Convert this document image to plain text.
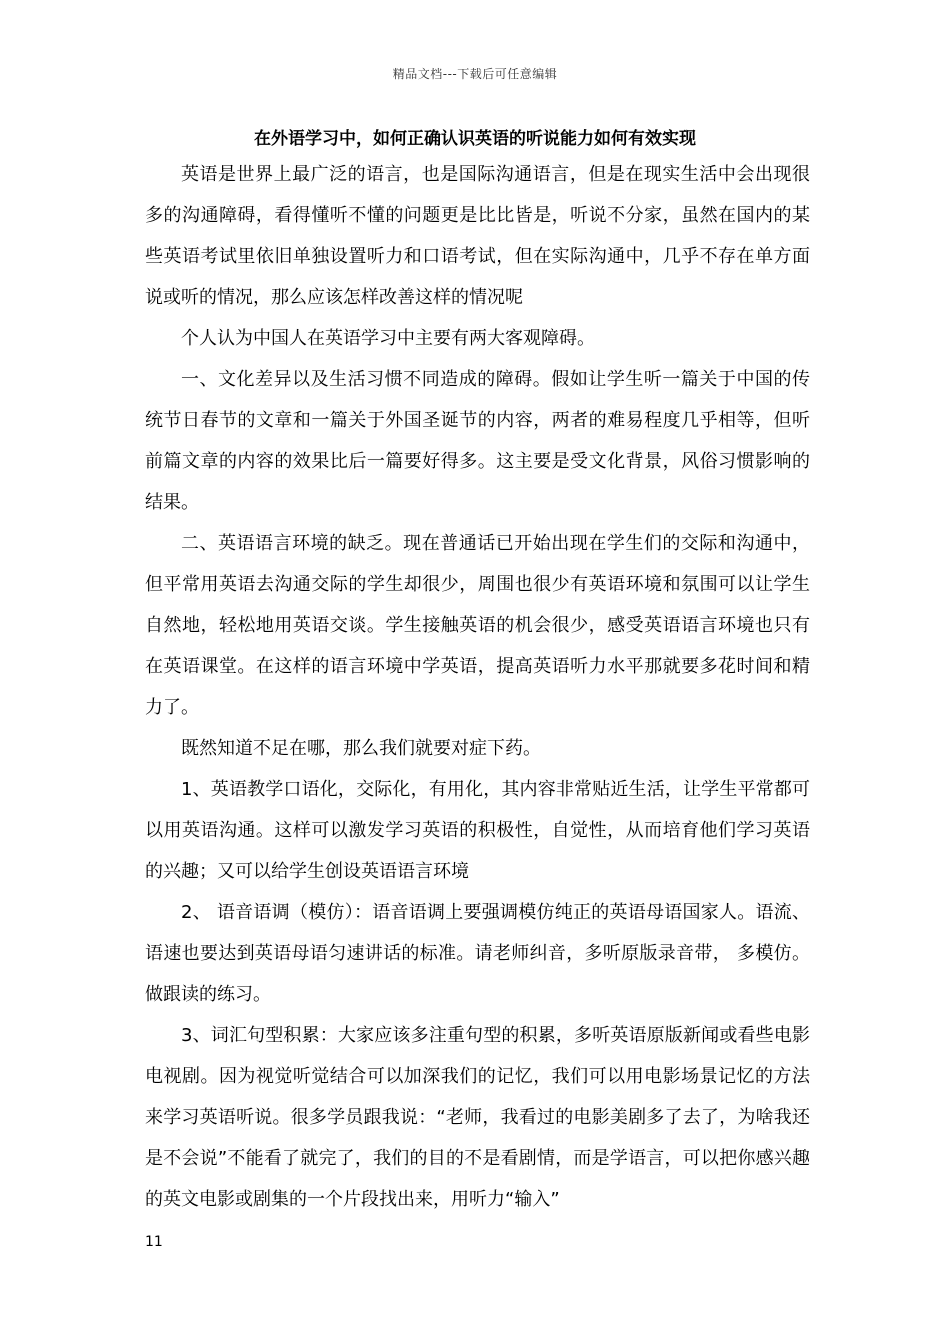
精品文档---下载后可任意编辑
在外语学习中，如何正确认识英语的听说能力如何有效实现

英语是世界上最广泛的语言，也是国际沟通语言，但是在现实生活中会出现很多的沟通障碍，看得懂听不懂的问题更是比比皆是，听说不分家，虽然在国内的某些英语考试里依旧单独设置听力和口语考试，但在实际沟通中，几乎不存在单方面说或听的情况，那么应该怎样改善这样的情况呢

个人认为中国人在英语学习中主要有两大客观障碍。

一、文化差异以及生活习惯不同造成的障碍。假如让学生听一篇关于中国的传统节日春节的文章和一篇关于外国圣诞节的内容，两者的难易程度几乎相等，但听前篇文章的内容的效果比后一篇要好得多。这主要是受文化背景，风俗习惯影响的结果。

二、英语语言环境的缺乏。现在普通话已开始出现在学生们的交际和沟通中，但平常用英语去沟通交际的学生却很少，周围也很少有英语环境和氛围可以让学生自然地，轻松地用英语交谈。学生接触英语的机会很少，感受英语语言环境也只有在英语课堂。在这样的语言环境中学英语，提高英语听力水平那就要多花时间和精力了。

既然知道不足在哪，那么我们就要对症下药。

1、英语教学口语化，交际化，有用化，其内容非常贴近生活，让学生平常都可以用英语沟通。这样可以激发学习英语的积极性，自觉性，从而培育他们学习英语的兴趣；又可以给学生创设英语语言环境

2、 语音语调（模仿）：语音语调上要强调模仿纯正的英语母语国家人。语流、语速也要达到英语母语匀速讲话的标准。请老师纠音，多听原版录音带， 多模仿。做跟读的练习。

3、词汇句型积累：大家应该多注重句型的积累，多听英语原版新闻或看些电影电视剧。因为视觉听觉结合可以加深我们的记忆，我们可以用电影场景记忆的方法来学习英语听说。很多学员跟我说：“老师，我看过的电影美剧多了去了，为啥我还是不会说”不能看了就完了，我们的目的不是看剧情，而是学语言，可以把你感兴趣的英文电影或剧集的一个片段找出来，用听力“输入”

11
